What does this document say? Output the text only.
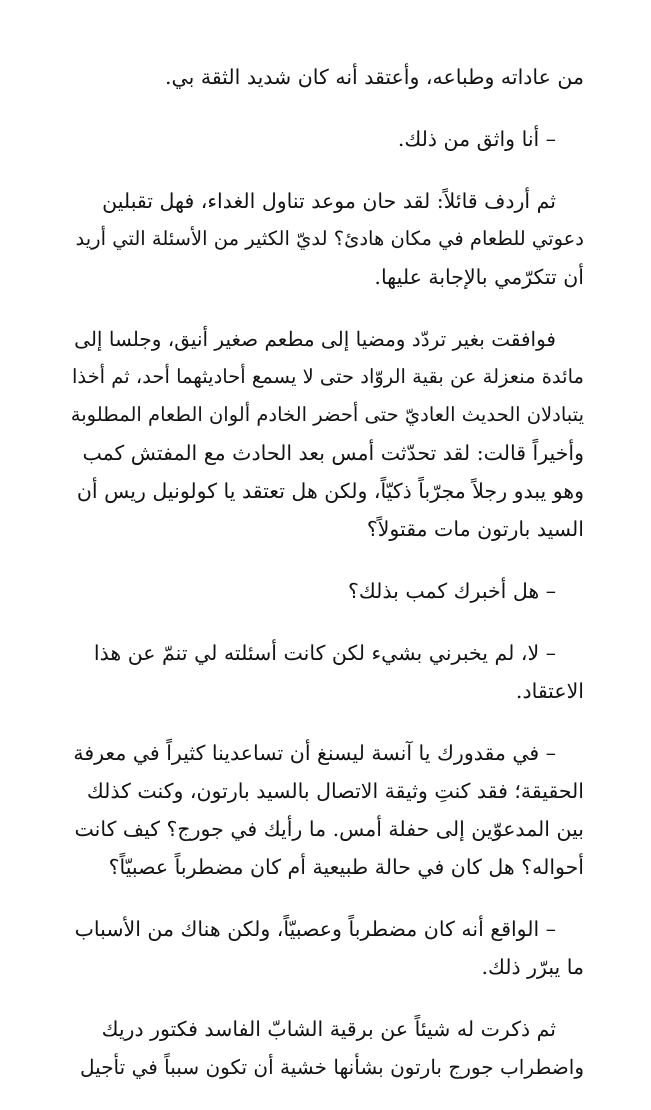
من عاداته وطباعه، وأعتقد أنه كان شديد الثقة بي.

– أنا واثق من ذلك.

ثم أردف قائلاً: لقد حان موعد تناول الغداء، فهل تقبلين
دعوتي للطعام في مكان هادئ؟ لديّ الكثير من الأسئلة التي أريد
أن تتكرّمي بالإجابة عليها.

فوافقت بغير تردّد ومضيا إلى مطعم صغير أنيق، وجلسا إلى
مائدة منعزلة عن بقية الروّاد حتى لا يسمع أحاديثهما أحد، ثم أخذا
يتبادلان الحديث العاديّ حتى أحضر الخادم ألوان الطعام المطلوبة
وأخيراً قالت: لقد تحدّثت أمس بعد الحادث مع المفتش كمب
وهو يبدو رجلاً مجرّباً ذكيّاً، ولكن هل تعتقد يا كولونيل ريس أن
السيد بارتون مات مقتولاً؟

– هل أخبرك كمب بذلك؟

– لا، لم يخبرني بشيء لكن كانت أسئلته لي تنمّ عن هذا
الاعتقاد.

– في مقدورك يا آنسة ليسنغ أن تساعدينا كثيراً في معرفة
الحقيقة؛ فقد كنتِ وثيقة الاتصال بالسيد بارتون، وكنت كذلك
بين المدعوّين إلى حفلة أمس. ما رأيك في جورج؟ كيف كانت
أحواله؟ هل كان في حالة طبيعية أم كان مضطرباً عصبيّاً؟

– الواقع أنه كان مضطرباً وعصبيّاً، ولكن هناك من الأسباب
ما يبرّر ذلك.

ثم ذكرت له شيئاً عن برقية الشابّ الفاسد فكتور دريك
واضطراب جورج بارتون بشأنها خشية أن تكون سبباً في تأجيل
